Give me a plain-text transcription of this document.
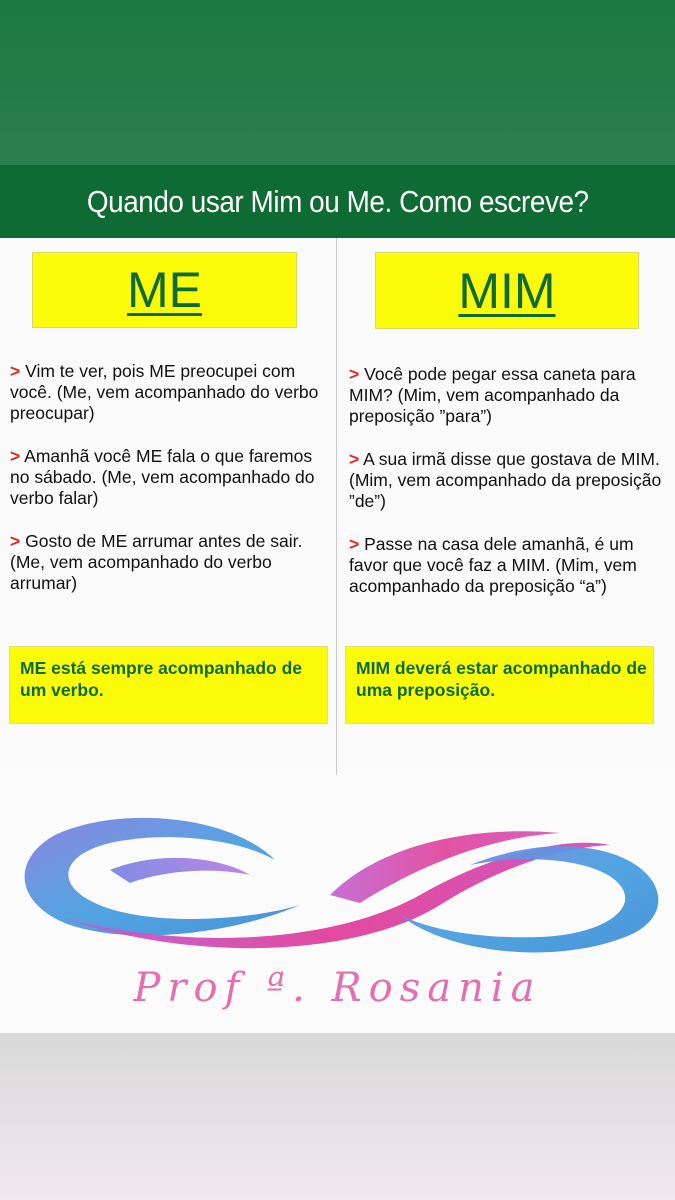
Quando usar Mim ou Me. Como escreve?
ME
> Vim te ver, pois ME preocupei com você. (Me, vem acompanhado do verbo preocupar)
> Amanhã você ME fala o que faremos no sábado. (Me, vem acompanhado do verbo falar)
> Gosto de ME arrumar antes de sair. (Me, vem acompanhado do verbo arrumar)
ME está sempre acompanhado de um verbo.
MIM
> Você pode pegar essa caneta para MIM? (Mim, vem acompanhado da preposição ”para”)
> A sua irmã disse que gostava de MIM. (Mim, vem acompanhado da preposição ”de”)
> Passe na casa dele amanhã, é um favor que você faz a MIM. (Mim, vem acompanhado da preposição “a”)
MIM deverá estar acompanhado de uma preposição.
Prof ª. Rosania
